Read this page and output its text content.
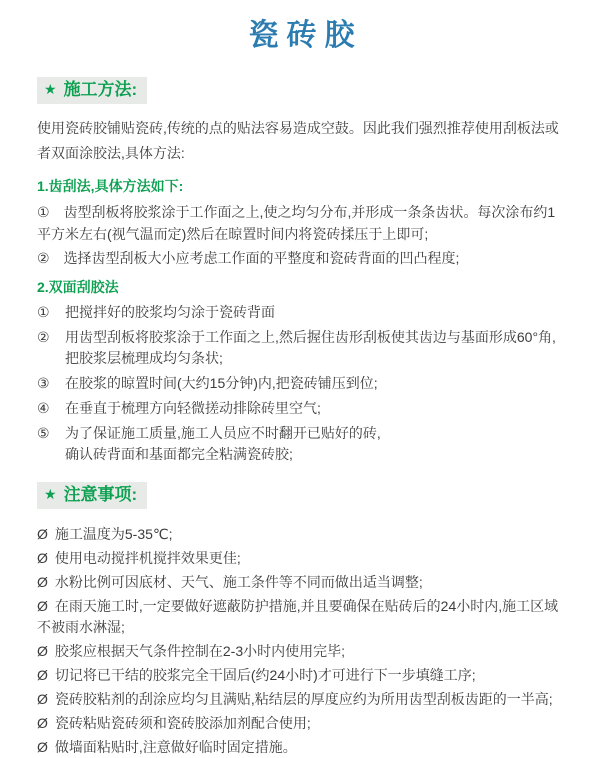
瓷砖胶
★ 施工方法:

使用瓷砖胶铺贴瓷砖,传统的点的贴法容易造成空鼓。因此我们强烈推荐使用刮板法或者双面涂胶法,具体方法:

1.齿刮法,具体方法如下:
① 齿型刮板将胶浆涂于工作面之上,使之均匀分布,并形成一条条齿状。每次涂布约1平方米左右(视气温而定)然后在晾置时间内将瓷砖揉压于上即可;
② 选择齿型刮板大小应考虑工作面的平整度和瓷砖背面的凹凸程度;
2.双面刮胶法
①	把搅拌好的胶浆均匀涂于瓷砖背面
②	用齿型刮板将胶浆涂于工作面之上,然后握住齿形刮板使其齿边与基面形成60°角,
把胶浆层梳理成均匀条状;
③	在胶浆的晾置时间(大约15分钟)内,把瓷砖铺压到位;
④	在垂直于梳理方向轻微搓动排除砖里空气;
⑤	为了保证施工质量,施工人员应不时翻开已贴好的砖,
确认砖背面和基面都完全粘满瓷砖胶;
★ 注意事项:
Ø 施工温度为5-35℃;
Ø 使用电动搅拌机搅拌效果更佳;
Ø 水粉比例可因底材、天气、施工条件等不同而做出适当调整;
Ø 在雨天施工时,一定要做好遮蔽防护措施,并且要确保在贴砖后的24小时内,施工区域不被雨水淋湿;
Ø 胶浆应根据天气条件控制在2-3小时内使用完毕;
Ø 切记将已干结的胶浆完全干固后(约24小时)才可进行下一步填缝工序;
Ø 瓷砖胶粘剂的刮涂应均匀且满贴,粘结层的厚度应约为所用齿型刮板齿距的一半高;
Ø 瓷砖粘贴瓷砖须和瓷砖胶添加剂配合使用;
Ø 做墙面粘贴时,注意做好临时固定措施。
